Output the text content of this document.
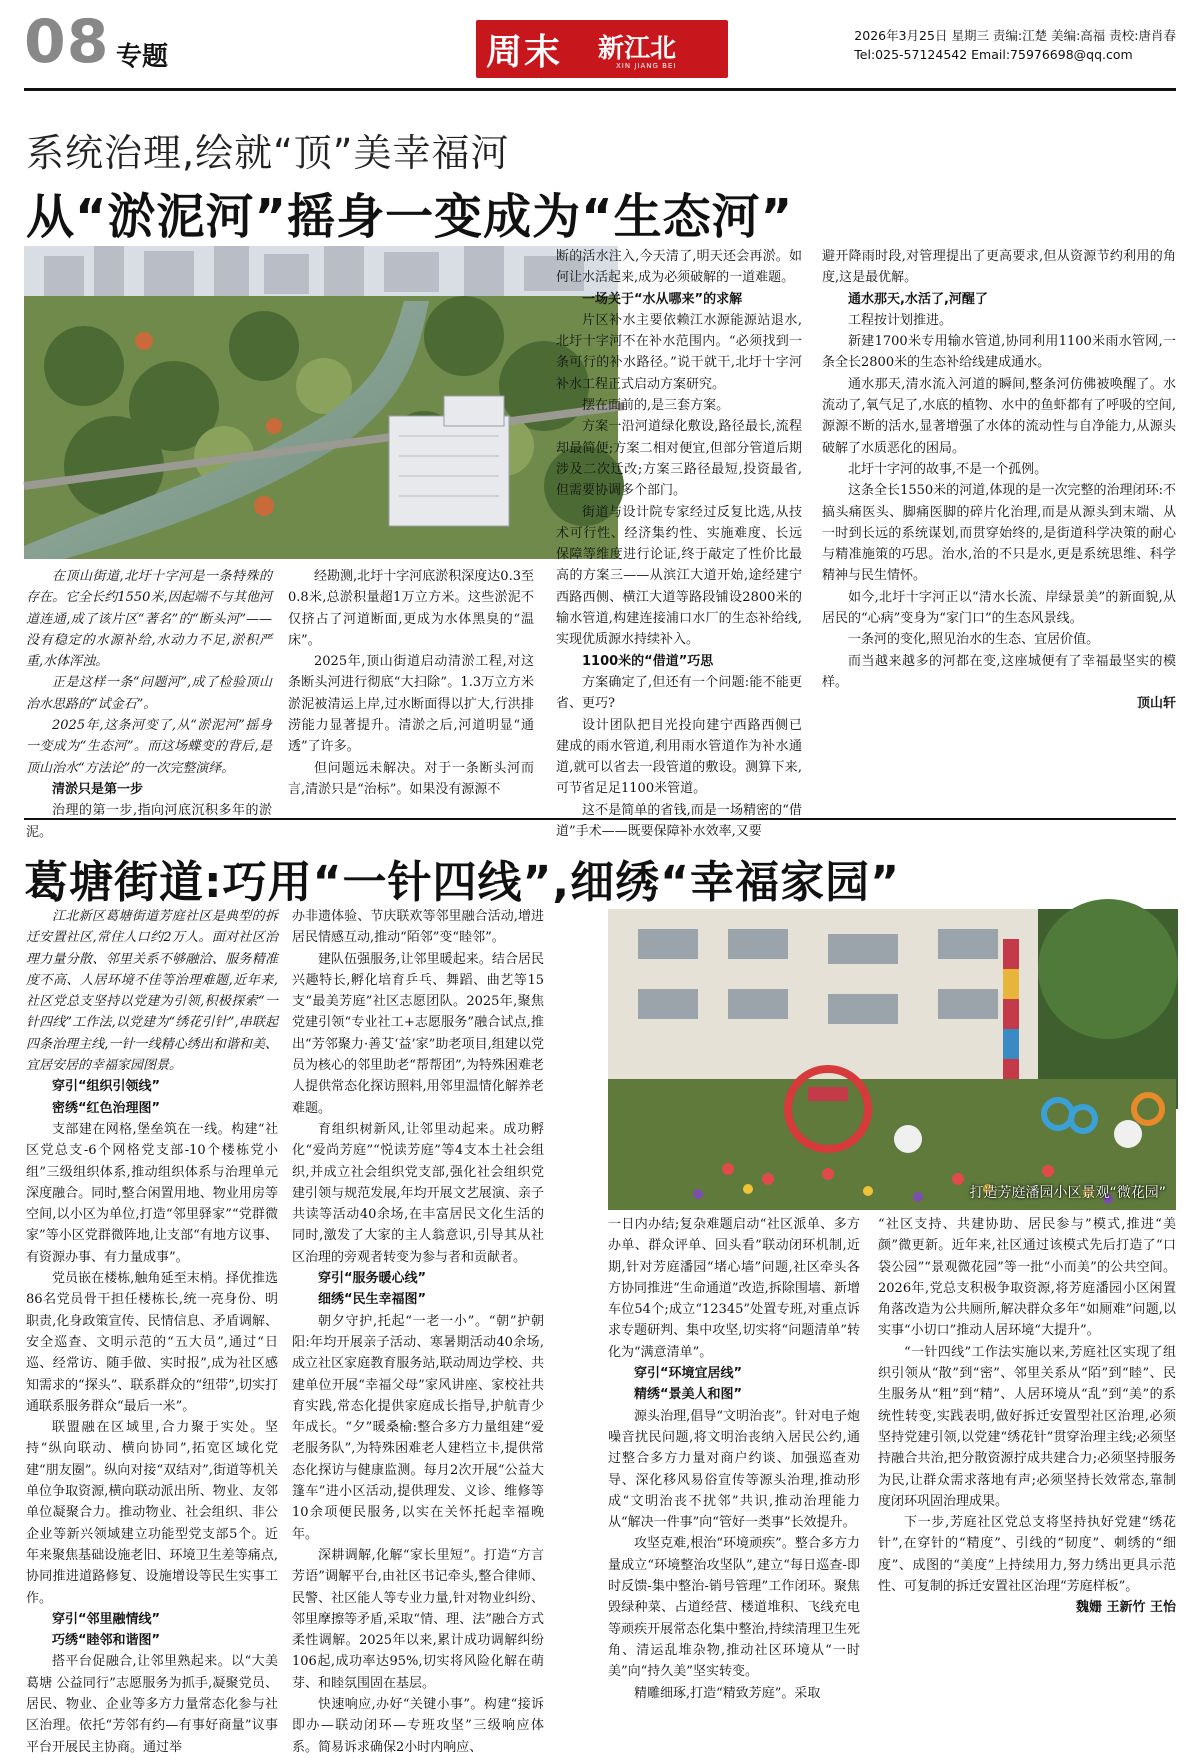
08 专题	周末 新江北
XIN JIANG BEI
2026年3月25日 星期三 责编:江楚 美编:高福 责校:唐肖春
Tel:025-57124542 Email:75976698@qq.com
系统治理,绘就“顶”美幸福河
从“淤泥河”摇身一变成为“生态河”

在顶山街道,北圩十字河是一条特殊的存在。它全长约1550米,因起端不与其他河道连通,成了该片区“著名”的“断头河”——没有稳定的水源补给,水动力不足,淤积严重,水体浑浊。

正是这样一条“问题河”,成了检验顶山治水思路的“试金石”。

2025年,这条河变了,从“淤泥河”摇身一变成为“生态河”。而这场蝶变的背后,是顶山治水“方法论”的一次完整演绎。

清淤只是第一步

治理的第一步,指向河底沉积多年的淤泥。

经勘测,北圩十字河底淤积深度达0.3至0.8米,总淤积量超1万立方米。这些淤泥不仅挤占了河道断面,更成为水体黑臭的“温床”。

2025年,顶山街道启动清淤工程,对这条断头河进行彻底“大扫除”。1.3万立方米淤泥被清运上岸,过水断面得以扩大,行洪排涝能力显著提升。清淤之后,河道明显“通透”了许多。

但问题远未解决。对于一条断头河而言,清淤只是“治标”。如果没有源源不

断的活水注入,今天清了,明天还会再淤。如何让水活起来,成为必须破解的一道难题。

一场关于“水从哪来”的求解

片区补水主要依赖江水源能源站退水,北圩十字河不在补水范围内。“必须找到一条可行的补水路径。”说干就干,北圩十字河补水工程正式启动方案研究。

摆在面前的,是三套方案。

方案一沿河道绿化敷设,路径最长,流程却最简便;方案二相对便宜,但部分管道后期涉及二次迁改;方案三路径最短,投资最省,但需要协调多个部门。

街道与设计院专家经过反复比选,从技术可行性、经济集约性、实施难度、长远保障等维度进行论证,终于敲定了性价比最高的方案三——从滨江大道开始,途经建宁西路西侧、横江大道等路段铺设2800米的输水管道,构建连接浦口水厂的生态补给线,实现优质源水持续补入。

1100米的“借道”巧思

方案确定了,但还有一个问题:能不能更省、更巧?

设计团队把目光投向建宁西路西侧已建成的雨水管道,利用雨水管道作为补水通道,就可以省去一段管道的敷设。测算下来,可节省足足1100米管道。

这不是简单的省钱,而是一场精密的“借道”手术——既要保障补水效率,又要

避开降雨时段,对管理提出了更高要求,但从资源节约利用的角度,这是最优解。

通水那天,水活了,河醒了

工程按计划推进。

新建1700米专用输水管道,协同利用1100米雨水管网,一条全长2800米的生态补给线建成通水。

通水那天,清水流入河道的瞬间,整条河仿佛被唤醒了。水流动了,氧气足了,水底的植物、水中的鱼虾都有了呼吸的空间,源源不断的活水,显著增强了水体的流动性与自净能力,从源头破解了水质恶化的困局。

北圩十字河的故事,不是一个孤例。

这条全长1550米的河道,体现的是一次完整的治理闭环:不搞头痛医头、脚痛医脚的碎片化治理,而是从源头到末端、从一时到长远的系统谋划,而贯穿始终的,是街道科学决策的耐心与精准施策的巧思。治水,治的不只是水,更是系统思维、科学精神与民生情怀。

如今,北圩十字河正以“清水长流、岸绿景美”的新面貌,从居民的“心病”变身为“家门口”的生态风景线。

一条河的变化,照见治水的生态、宜居价值。

而当越来越多的河都在变,这座城便有了幸福最坚实的模样。

顶山轩

葛塘街道:巧用“一针四线”,细绣“幸福家园”
打造芳庭潘园小区景观“微花园”

江北新区葛塘街道芳庭社区是典型的拆迁安置社区,常住人口约2万人。面对社区治理力量分散、邻里关系不够融洽、服务精准度不高、人居环境不佳等治理难题,近年来,社区党总支坚持以党建为引领,积极探索“一针四线”工作法,以党建为“绣花引针”,串联起四条治理主线,一针一线精心绣出和谐和美、宜居安居的幸福家园图景。

穿引“组织引领线”

密绣“红色治理图”

支部建在网格,堡垒筑在一线。构建“社区党总支-6个网格党支部-10个楼栋党小组”三级组织体系,推动组织体系与治理单元深度融合。同时,整合闲置用地、物业用房等空间,以小区为单位,打造“邻里驿家”“党群微家”等小区党群微阵地,让支部“有地方议事、有资源办事、有力量成事”。

党员嵌在楼栋,触角延至末梢。择优推选86名党员骨干担任楼栋长,统一亮身份、明职责,化身政策宣传、民情信息、矛盾调解、安全巡查、文明示范的“五大员”,通过“日巡、经常访、随手做、实时报”,成为社区感知需求的“探头”、联系群众的“纽带”,切实打通联系服务群众“最后一米”。

联盟融在区域里,合力聚于实处。坚持“纵向联动、横向协同”,拓宽区域化党建“朋友圈”。纵向对接“双结对”,街道等机关单位争取资源,横向联动派出所、物业、友邻单位凝聚合力。推动物业、社会组织、非公企业等新兴领域建立功能型党支部5个。近年来聚焦基础设施老旧、环境卫生差等痛点,协同推进道路修复、设施增设等民生实事工作。

穿引“邻里融情线”

巧绣“睦邻和谐图”

搭平台促融合,让邻里熟起来。以“大美葛塘 公益同行”志愿服务为抓手,凝聚党员、居民、物业、企业等多方力量常态化参与社区治理。依托“芳邻有约—有事好商量”议事平台开展民主协商。通过举

办非遗体验、节庆联欢等邻里融合活动,增进居民情感互动,推动“陌邻”变“睦邻”。

建队伍强服务,让邻里暖起来。结合居民兴趣特长,孵化培育乒乓、舞蹈、曲艺等15支“最美芳庭”社区志愿团队。2025年,聚焦党建引领“专业社工+志愿服务”融合试点,推出“芳邻聚力·善艾‘益’家”助老项目,组建以党员为核心的邻里助老“帮帮团”,为特殊困难老人提供常态化探访照料,用邻里温情化解养老难题。

育组织树新风,让邻里动起来。成功孵化“爱尚芳庭”“悦读芳庭”等4支本土社会组织,并成立社会组织党支部,强化社会组织党建引领与规范发展,年均开展文艺展演、亲子共读等活动40余场,在丰富居民文化生活的同时,激发了大家的主人翁意识,引导其从社区治理的旁观者转变为参与者和贡献者。

穿引“服务暖心线”

细绣“民生幸福图”

朝夕守护,托起“一老一小”。“朝”护朝阳:年均开展亲子活动、寒暑期活动40余场,成立社区家庭教育服务站,联动周边学校、共建单位开展“幸福父母”家风讲座、家校社共育实践,常态化提供家庭成长指导,护航青少年成长。“夕”暖桑榆:整合多方力量组建“爱老服务队”,为特殊困难老人建档立卡,提供常态化探访与健康监测。每月2次开展“公益大篷车”进小区活动,提供理发、义诊、维修等10余项便民服务,以实在关怀托起幸福晚年。

深耕调解,化解“家长里短”。打造“方言芳语”调解平台,由社区书记牵头,整合律师、民警、社区能人等专业力量,针对物业纠纷、邻里摩擦等矛盾,采取“情、理、法”融合方式柔性调解。2025年以来,累计成功调解纠纷106起,成功率达95%,切实将风险化解在萌芽、和睦氛围固在基层。

快速响应,办好“关键小事”。构建“接诉即办—联动闭环—专班攻坚”三级响应体系。简易诉求确保2小时内响应、

一日内办结;复杂难题启动“社区派单、多方办单、群众评单、回头看”联动闭环机制,近期,针对芳庭潘园“堵心墙”问题,社区牵头各方协同推进“生命通道”改造,拆除围墙、新增车位54个;成立“12345”处置专班,对重点诉求专题研判、集中攻坚,切实将“问题清单”转化为“满意清单”。

穿引“环境宜居线”

精绣“景美人和图”

源头治理,倡导“文明治丧”。针对电子炮噪音扰民问题,将文明治丧纳入居民公约,通过整合多方力量对商户约谈、加强巡查劝导、深化移风易俗宣传等源头治理,推动形成“文明治丧不扰邻”共识,推动治理能力从“解决一件事”向“管好一类事”长效提升。

攻坚克难,根治“环境顽疾”。整合多方力量成立“环境整治攻坚队”,建立“每日巡查-即时反馈-集中整治-销号管理”工作闭环。聚焦毁绿种菜、占道经营、楼道堆积、飞线充电等顽疾开展常态化集中整治,持续清理卫生死角、清运乱堆杂物,推动社区环境从“一时美”向“持久美”坚实转变。

精雕细琢,打造“精致芳庭”。采取

“社区支持、共建协助、居民参与”模式,推进“美颜”微更新。近年来,社区通过该模式先后打造了“口袋公园”“景观微花园”等一批“小而美”的公共空间。2026年,党总支积极争取资源,将芳庭潘园小区闲置角落改造为公共厕所,解决群众多年“如厕难”问题,以实事“小切口”推动人居环境“大提升”。

“一针四线”工作法实施以来,芳庭社区实现了组织引领从“散”到“密”、邻里关系从“陌”到“睦”、民生服务从“粗”到“精”、人居环境从“乱”到“美”的系统性转变,实践表明,做好拆迁安置型社区治理,必须坚持党建引领,以党建“绣花针”贯穿治理主线;必须坚持融合共治,把分散资源拧成共建合力;必须坚持服务为民,让群众需求落地有声;必须坚持长效常态,靠制度闭环巩固治理成果。

下一步,芳庭社区党总支将坚持执好党建“绣花针”,在穿针的“精度”、引线的“韧度”、刺绣的“细度”、成图的“美度”上持续用力,努力绣出更具示范性、可复制的拆迁安置社区治理“芳庭样板”。

魏姗 王新竹 王怡
